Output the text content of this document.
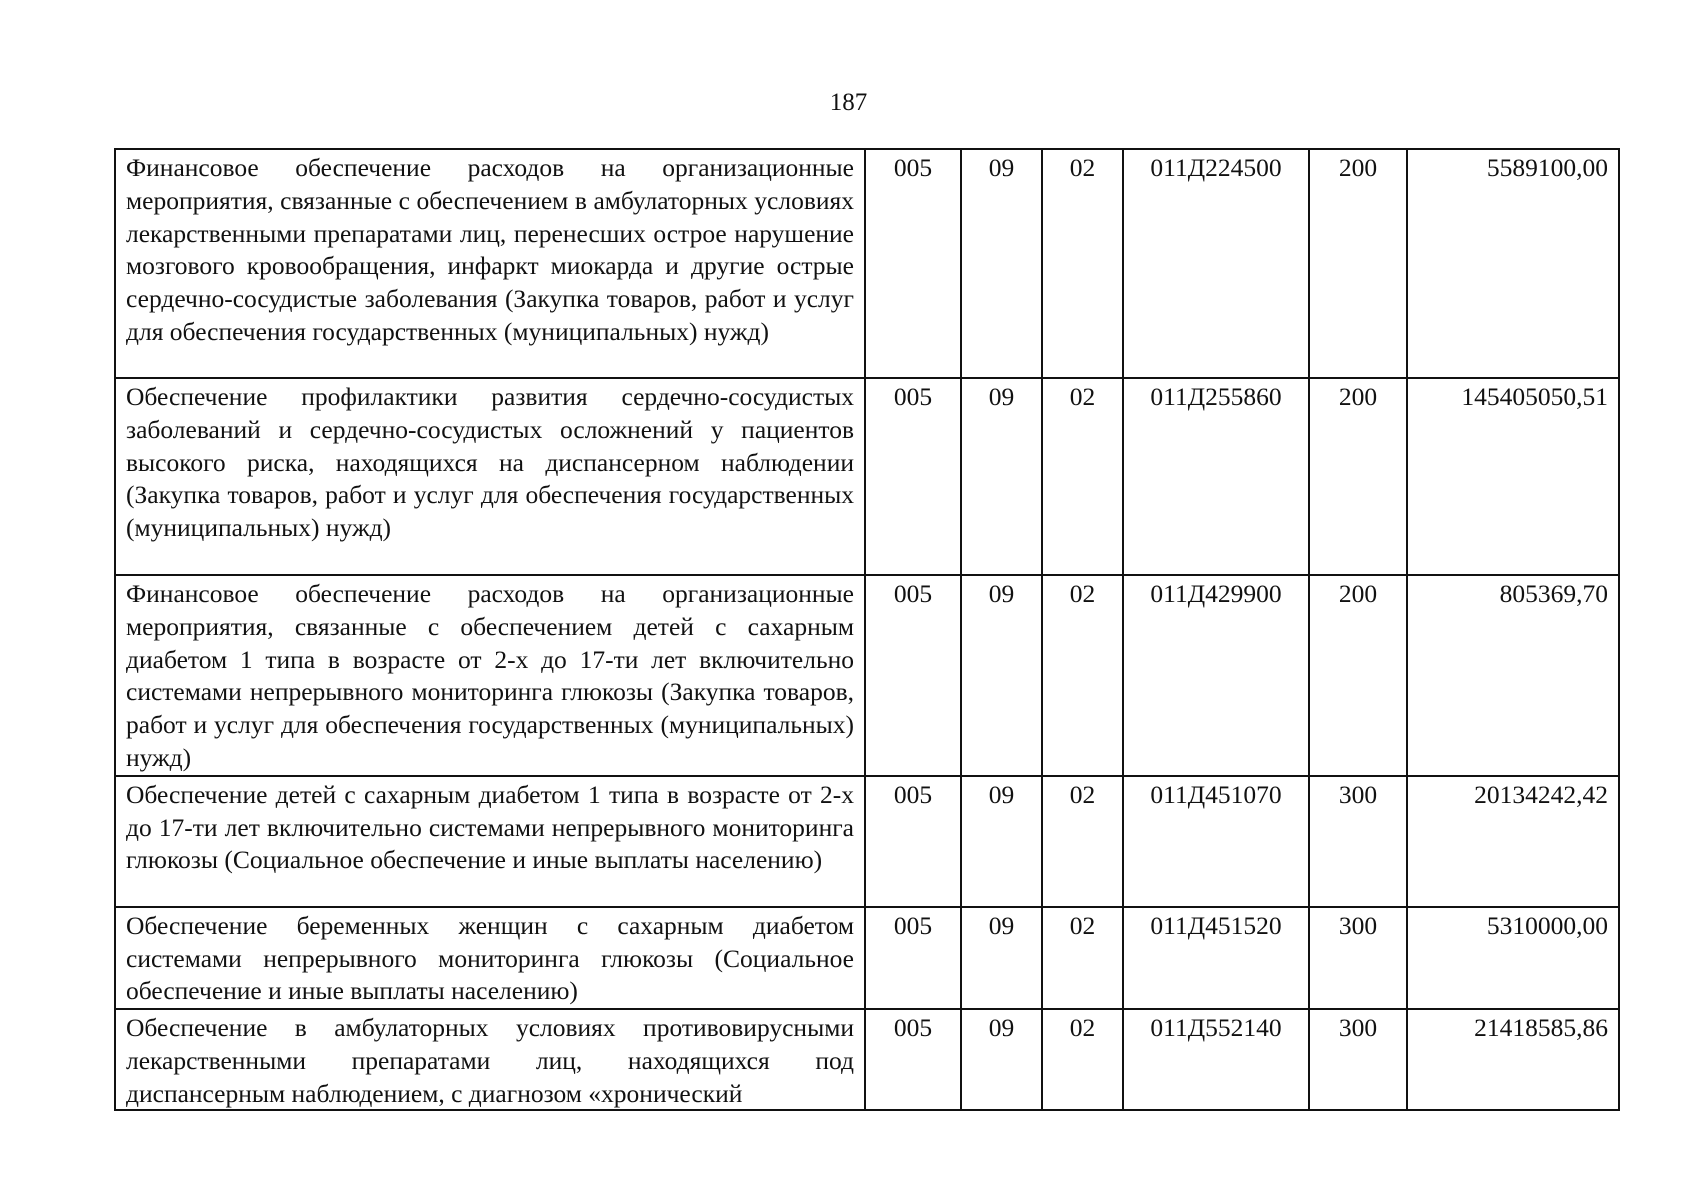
187
Финансовое обеспечение расходов на организационные мероприятия, связанные с обеспечением в амбулаторных условиях лекарственными препаратами лиц, перенесших острое нарушение мозгового кровообращения, инфаркт миокарда и другие острые сердечно-сосудистые заболевания (Закупка товаров, работ и услуг для обеспечения государственных (муниципальных) нужд)	005	09	02	011Д224500	200	5589100,00
Обеспечение профилактики развития сердечно-сосудистых заболеваний и сердечно-сосудистых осложнений у пациентов высокого риска, находящихся на диспансерном наблюдении (Закупка товаров, работ и услуг для обеспечения государственных (муниципальных) нужд)	005	09	02	011Д255860	200	145405050,51
Финансовое обеспечение расходов на организационные мероприятия, связанные с обеспечением детей с сахарным диабетом 1 типа в возрасте от 2-х до 17-ти лет включительно системами непрерывного мониторинга глюкозы (Закупка товаров, работ и услуг для обеспечения государственных (муниципальных) нужд)	005	09	02	011Д429900	200	805369,70
Обеспечение детей с сахарным диабетом 1 типа в возрасте от 2-х до 17-ти лет включительно системами непрерывного мониторинга глюкозы (Социальное обеспечение и иные выплаты населению)	005	09	02	011Д451070	300	20134242,42
Обеспечение беременных женщин с сахарным диабетом системами непрерывного мониторинга глюкозы (Социальное обеспечение и иные выплаты населению)	005	09	02	011Д451520	300	5310000,00

Обеспечение в амбулаторных условиях противовирусными лекарственными препаратами лиц, находящихся под диспансерным наблюдением, с диагнозом «хронический	005	09	02	011Д552140	300	21418585,86
